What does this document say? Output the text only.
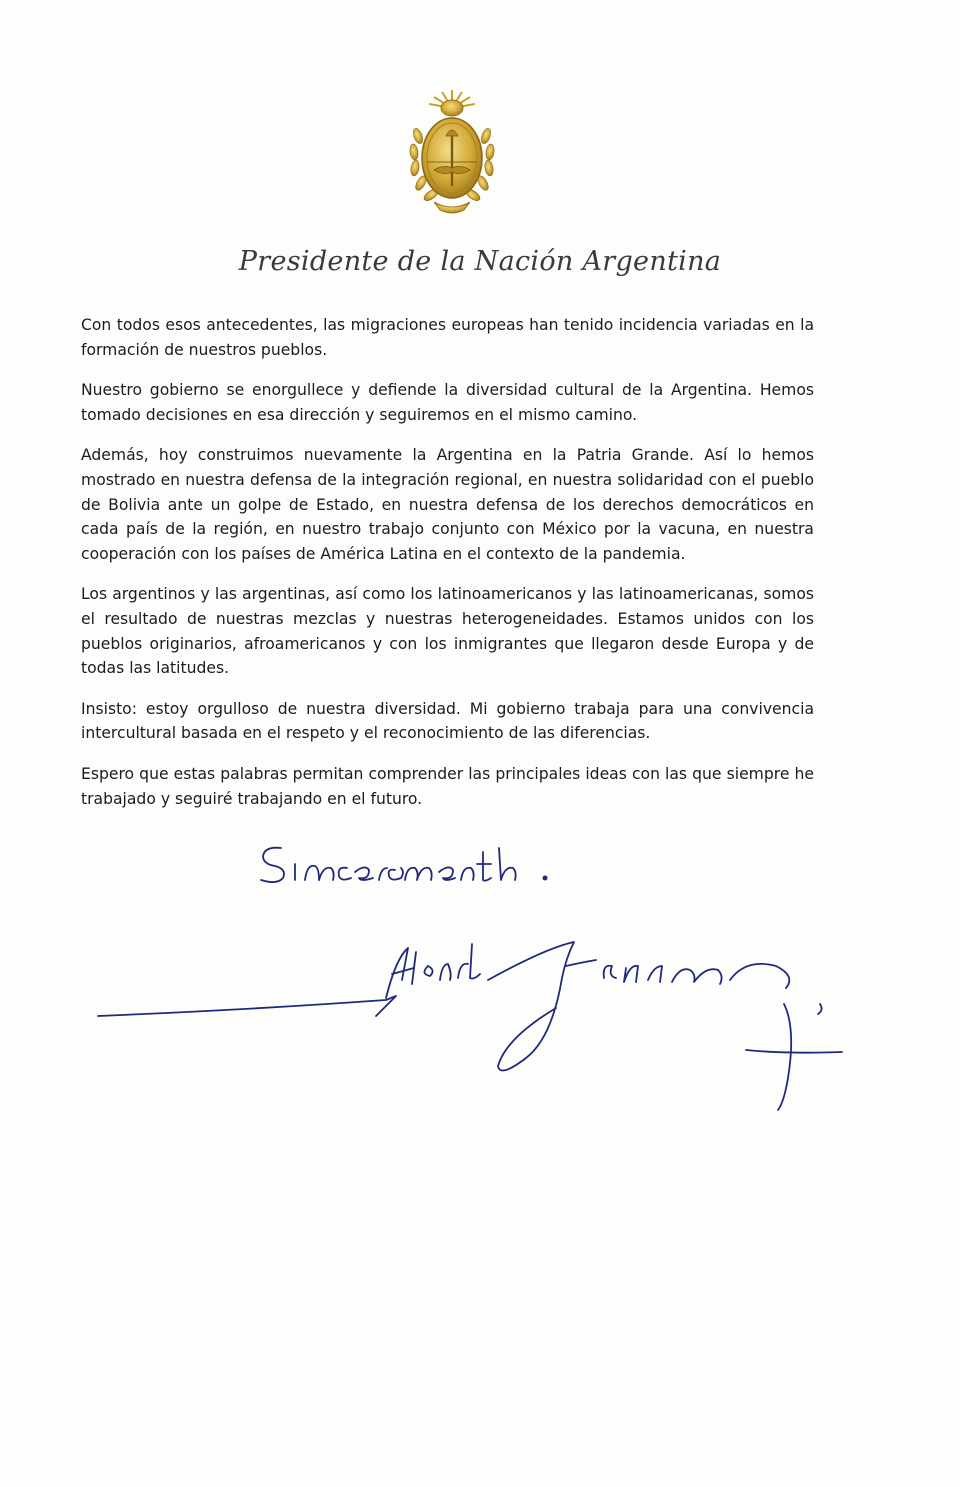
Presidente de la Nación Argentina

Con todos esos antecedentes, las migraciones europeas han tenido incidencia variadas en la formación de nuestros pueblos.

Nuestro gobierno se enorgullece y defiende la diversidad cultural de la Argentina. Hemos tomado decisiones en esa dirección y seguiremos en el mismo camino.

Además, hoy construimos nuevamente la Argentina en la Patria Grande. Así lo hemos mostrado en nuestra defensa de la integración regional, en nuestra solidaridad con el pueblo de Bolivia ante un golpe de Estado, en nuestra defensa de los derechos democráticos en cada país de la región, en nuestro trabajo conjunto con México por la vacuna, en nuestra cooperación con los países de América Latina en el contexto de la pandemia.

Los argentinos y las argentinas, así como los latinoamericanos y las latinoamericanas, somos el resultado de nuestras mezclas y nuestras heterogeneidades. Estamos unidos con los pueblos originarios, afroamericanos y con los inmigrantes que llegaron desde Europa y de todas las latitudes.

Insisto: estoy orgulloso de nuestra diversidad. Mi gobierno trabaja para una convivencia intercultural basada en el respeto y el reconocimiento de las diferencias.

Espero que estas palabras permitan comprender las principales ideas con las que siempre he trabajado y seguiré trabajando en el futuro.
